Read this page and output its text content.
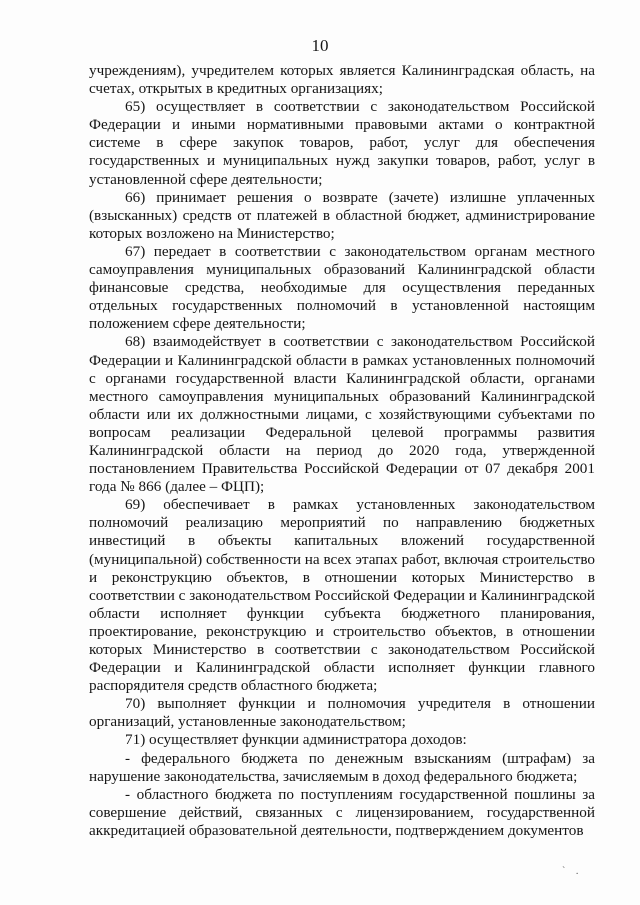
10

учреждениям), учредителем которых является Калининградская область, на счетах, открытых в кредитных организациях;

65) осуществляет в соответствии с законодательством Российской Федерации и иными нормативными правовыми актами о контрактной системе в сфере закупок товаров, работ, услуг для обеспечения государственных и муниципальных нужд закупки товаров, работ, услуг в установленной сфере деятельности;

66) принимает решения о возврате (зачете) излишне уплаченных (взысканных) средств от платежей в областной бюджет, администрирование которых возложено на Министерство;

67) передает в соответствии с законодательством органам местного самоуправления муниципальных образований Калининградской области финансовые средства, необходимые для осуществления переданных отдельных государственных полномочий в установленной настоящим положением сфере деятельности;

68) взаимодействует в соответствии с законодательством Российской Федерации и Калининградской области в рамках установленных полномочий с органами государственной власти Калининградской области, органами местного самоуправления муниципальных образований Калининградской области или их должностными лицами, с хозяйствующими субъектами по вопросам реализации Федеральной целевой программы развития Калининградской области на период до 2020 года, утвержденной постановлением Правительства Российской Федерации от 07 декабря 2001 года № 866 (далее – ФЦП);

69) обеспечивает в рамках установленных законодательством полномочий реализацию мероприятий по направлению бюджетных инвестиций в объекты капитальных вложений государственной (муниципальной) собственности на всех этапах работ, включая строительство и реконструкцию объектов, в отношении которых Министерство в соответствии с законодательством Российской Федерации и Калининградской области исполняет функции субъекта бюджетного планирования, проектирование, реконструкцию и строительство объектов, в отношении которых Министерство в соответствии с законодательством Российской Федерации и Калининградской области исполняет функции главного распорядителя средств областного бюджета;

70) выполняет функции и полномочия учредителя в отношении организаций, установленные законодательством;

71) осуществляет функции администратора доходов:

- федерального бюджета по денежным взысканиям (штрафам) за нарушение законодательства, зачисляемым в доход федерального бюджета;

- областного бюджета по поступлениям государственной пошлины за совершение действий, связанных с лицензированием, государственной аккредитацией образовательной деятельности, подтверждением документов

` .
